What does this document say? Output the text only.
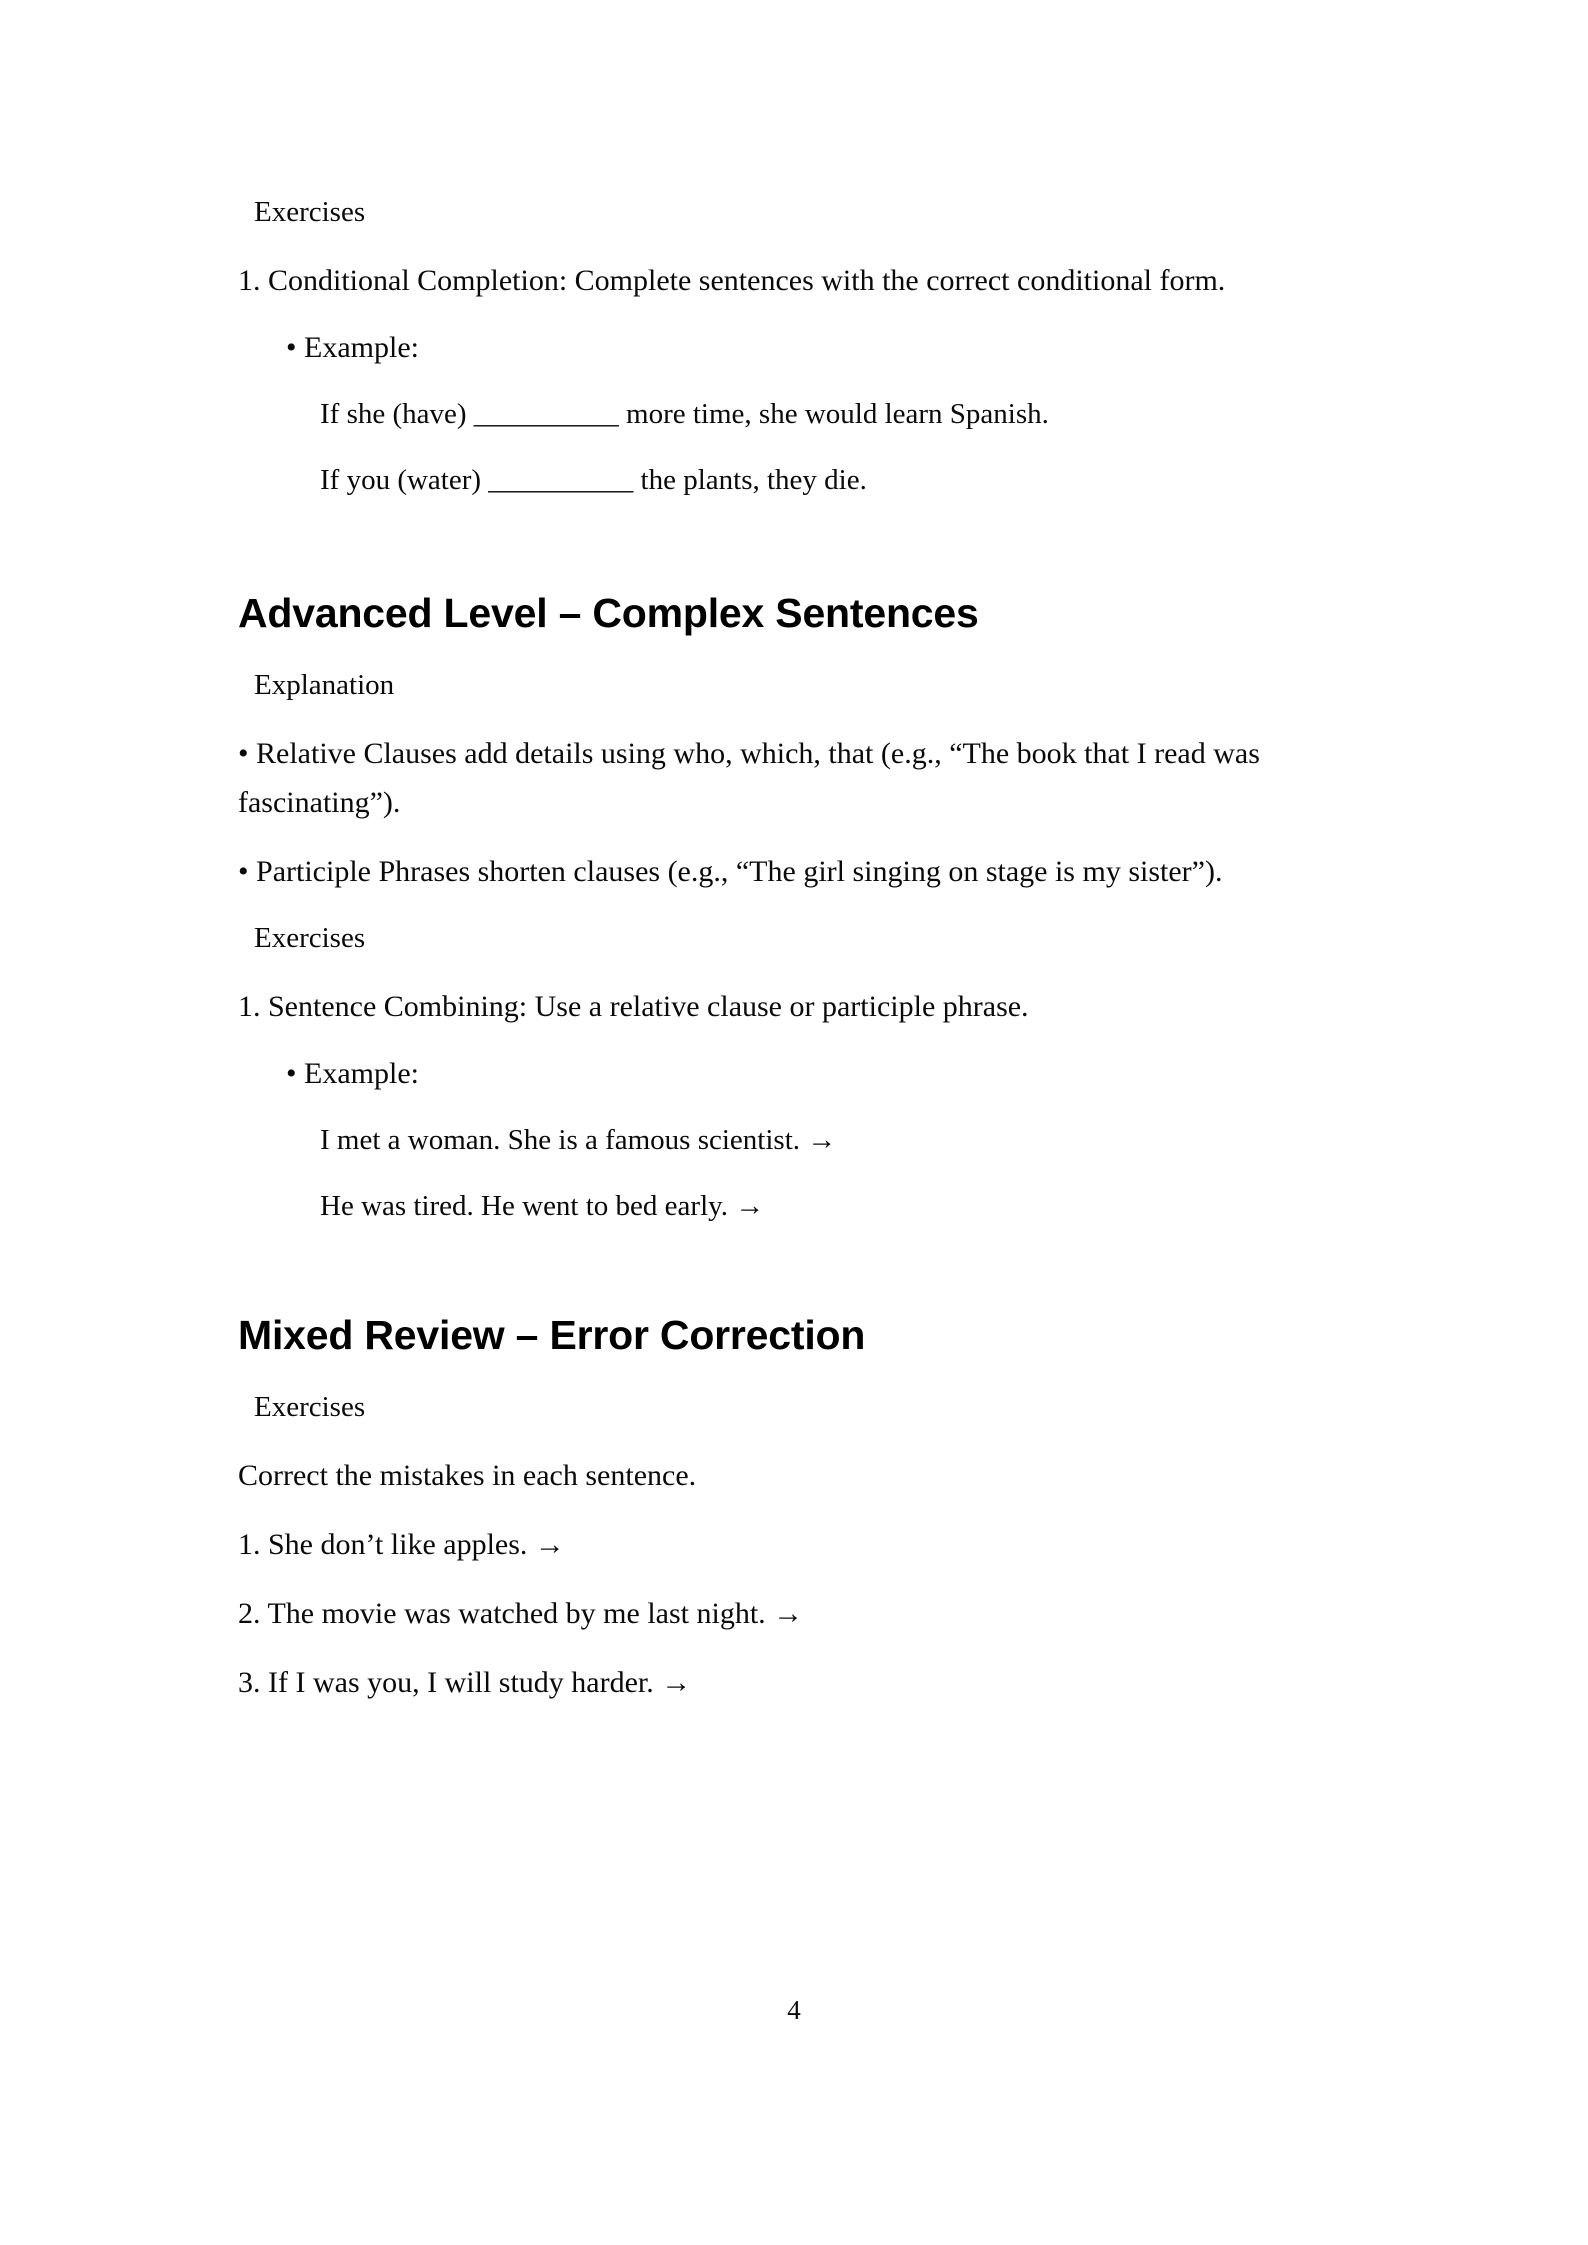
Exercises

1. Conditional Completion: Complete sentences with the correct conditional form.

• Example:

If she (have) __________ more time, she would learn Spanish.

If you (water) __________ the plants, they die.

Advanced Level – Complex Sentences

Explanation

• Relative Clauses add details using who, which, that (e.g., “The book that I read was fascinating”).

• Participle Phrases shorten clauses (e.g., “The girl singing on stage is my sister”).

Exercises

1. Sentence Combining: Use a relative clause or participle phrase.

• Example:

I met a woman. She is a famous scientist. →

He was tired. He went to bed early. →

Mixed Review – Error Correction

Exercises

Correct the mistakes in each sentence.

1. She don’t like apples. →

2. The movie was watched by me last night. →

3. If I was you, I will study harder. →

4
